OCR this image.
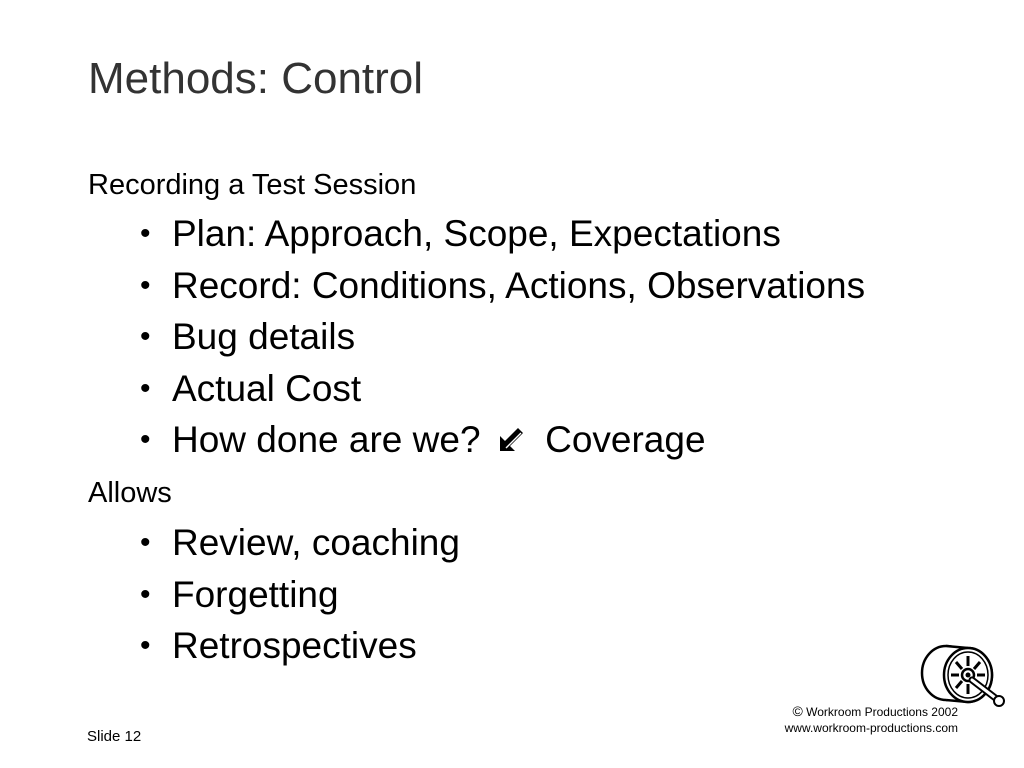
Methods: Control
Recording a Test Session
• Plan: Approach, Scope, Expectations
• Record: Conditions, Actions, Observations
• Bug details
• Actual Cost
• How done are we? Coverage
Allows
• Review, coaching
• Forgetting
• Retrospectives
© Workroom Productions 2002
www.workroom-productions.com
Slide 12
